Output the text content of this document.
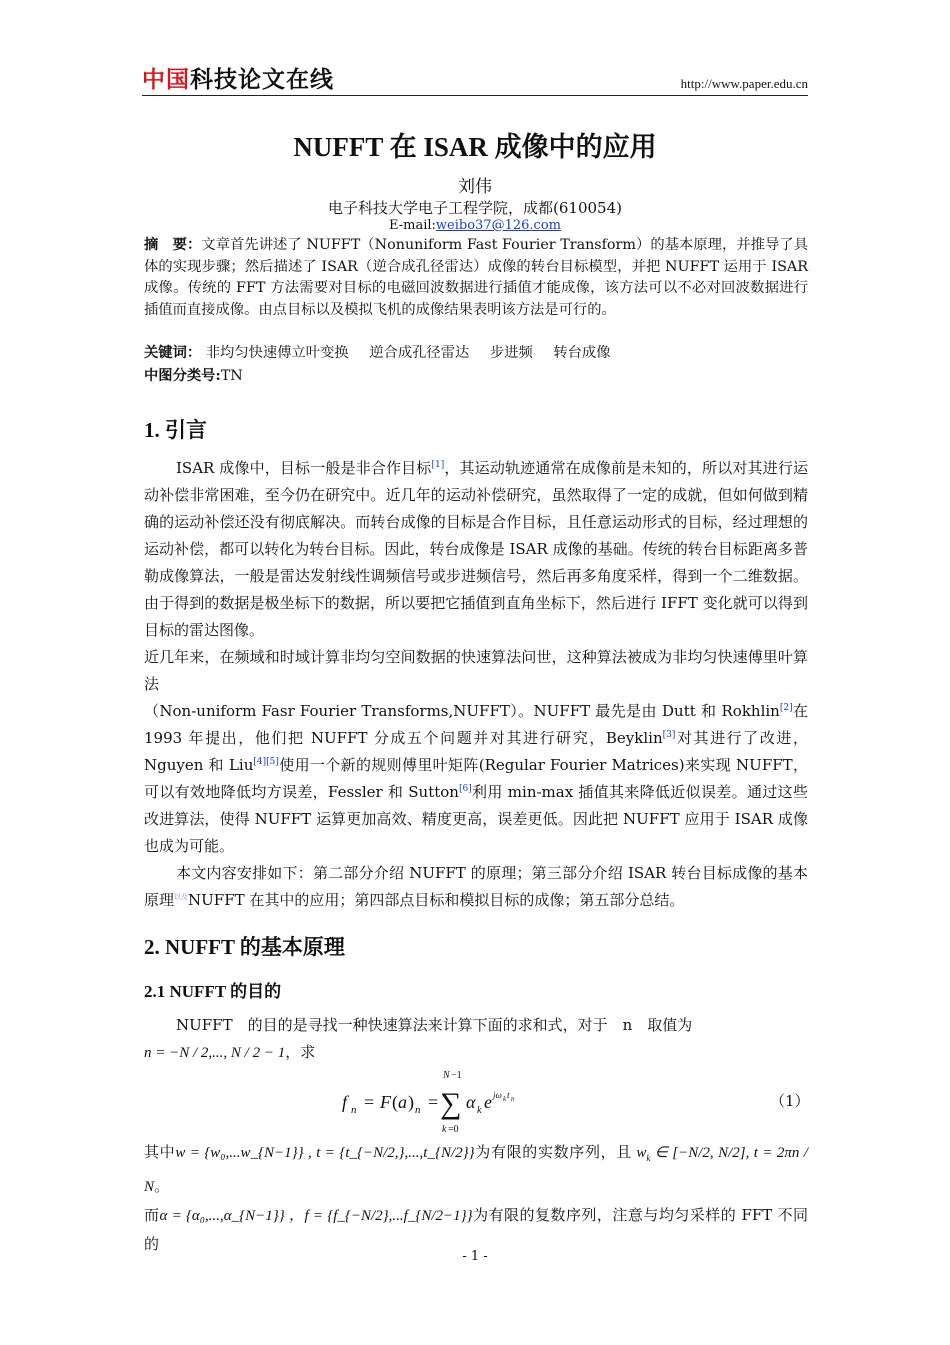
中国科技论文在线	http://www.paper.edu.cn
NUFFT 在 ISAR 成像中的应用
刘伟
电子科技大学电子工程学院，成都(610054)
E-mail:weibo37@126.com
摘　要：文章首先讲述了 NUFFT（Nonuniform Fast Fourier Transform）的基本原理，并推导了具体的实现步骤；然后描述了 ISAR（逆合成孔径雷达）成像的转台目标模型，并把 NUFFT 运用于 ISAR 成像。传统的 FFT 方法需要对目标的电磁回波数据进行插值才能成像，该方法可以不必对回波数据进行插值而直接成像。由点目标以及模拟飞机的成像结果表明该方法是可行的。
关键词： 非均匀快速傅立叶变换 逆合成孔径雷达 步进频 转台成像
中图分类号:TN
1. 引言

ISAR 成像中，目标一般是非合作目标[1]，其运动轨迹通常在成像前是未知的，所以对其进行运动补偿非常困难，至今仍在研究中。近几年的运动补偿研究，虽然取得了一定的成就，但如何做到精确的运动补偿还没有彻底解决。而转台成像的目标是合作目标，且任意运动形式的目标，经过理想的运动补偿，都可以转化为转台目标。因此，转台成像是 ISAR 成像的基础。传统的转台目标距离多普勒成像算法，一般是雷达发射线性调频信号或步进频信号，然后再多角度采样，得到一个二维数据。由于得到的数据是极坐标下的数据，所以要把它插值到直角坐标下，然后进行 IFFT 变化就可以得到目标的雷达图像。

近几年来，在频域和时域计算非均匀空间数据的快速算法问世，这种算法被成为非均匀快速傅里叶算法

（Non-uniform Fasr Fourier Transforms,NUFFT）。NUFFT 最先是由 Dutt 和 Rokhlin[2]在 1993 年提出，他们把 NUFFT 分成五个问题并对其进行研究，Beyklin[3]对其进行了改进，Nguyen 和 Liu[4][5]使用一个新的规则傅里叶矩阵(Regular Fourier Matrices)来实现 NUFFT，可以有效地降低均方误差，Fessler 和 Sutton[6]利用 min-max 插值其来降低近似误差。通过这些改进算法，使得 NUFFT 运算更加高效、精度更高，误差更低。因此把 NUFFT 应用于 ISAR 成像也成为可能。

本文内容安排如下：第二部分介绍 NUFFT 的原理；第三部分介绍 ISAR 转台目标成像的基本原理$^{以及}$NUFFT 在其中的应用；第四部点目标和模拟目标的成像；第五部分总结。

2. NUFFT 的基本原理
2.1 NUFFT 的目的

NUFFT　的目的是寻找一种快速算法来计算下面的求和式，对于　n　取值为

n = −N / 2,..., N / 2 − 1，求

f n = F ( a ) n =
N −1
∑
k =0
α k e jω k t n	（1）

其中w = {w₀,...w_{N−1}} , t = {t_{−N/2,},...,t_{N/2}}为有限的实数序列，且 $w_k$ ∈ [−N/2, N/2], t = 2πn / N。

而α = {α₀,...,α_{N−1}} ，f = {f_{−N/2},...f_{N/2−1}}为有限的复数序列，注意与均匀采样的 FFT 不同的

- 1 -
